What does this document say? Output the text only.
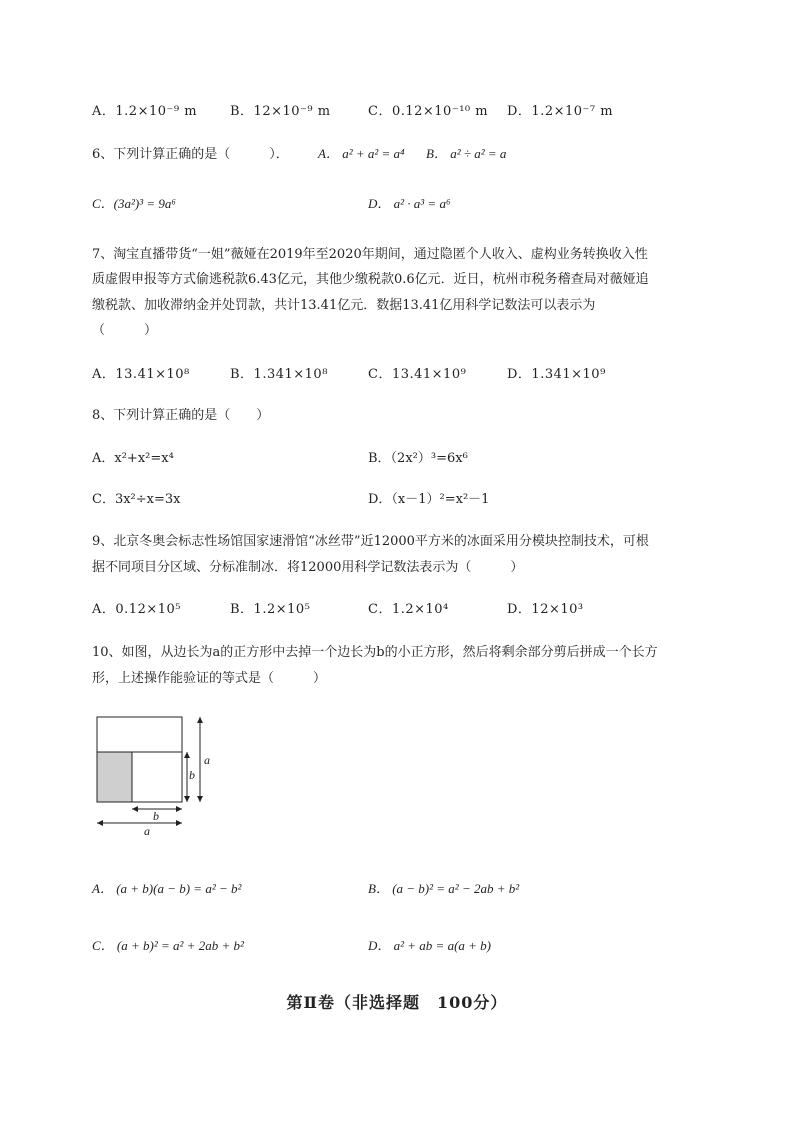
A．1.2×10⁻⁹ m	B．12×10⁻⁹ m	C．0.12×10⁻¹⁰ m D．1.2×10⁻⁷ m
6、下列计算正确的是（　　　）． A． a² + a² = a⁴ B． a² ÷ a² = a
C．(3a²)³ = 9a⁶	D． a² · a³ = a⁶
7、淘宝直播带货“一姐”薇娅在2019年至2020年期间，通过隐匿个人收入、虚构业务转换收入性
质虚假申报等方式偷逃税款6.43亿元，其他少缴税款0.6亿元．近日，杭州市税务稽查局对薇娅追
缴税款、加收滞纳金并处罚款，共计13.41亿元．数据13.41亿用科学记数法可以表示为
（　　　）
A．13.41×10⁸	B．1.341×10⁸	C．13.41×10⁹	D．1.341×10⁹
8、下列计算正确的是（　　）
A．x²+x²=x⁴	B．（2x²）³=6x⁶
C．3x²÷x=3x	D．（x－1）²=x²－1
9、北京冬奥会标志性场馆国家速滑馆“冰丝带”近12000平方米的冰面采用分模块控制技术，可根
据不同项目分区域、分标准制冰．将12000用科学记数法表示为（　　　）
A．0.12×10⁵	B．1.2×10⁵	C．1.2×10⁴	D．12×10³
10、如图，从边长为a的正方形中去掉一个边长为b的小正方形，然后将剩余部分剪后拼成一个长方
形，上述操作能验证的等式是（　　　）
a
b
b
a
A． (a + b)(a − b) = a² − b²	B． (a − b)² = a² − 2ab + b²
C． (a + b)² = a² + 2ab + b²	D． a² + ab = a(a + b)
第Ⅱ卷（非选择题　100分）
